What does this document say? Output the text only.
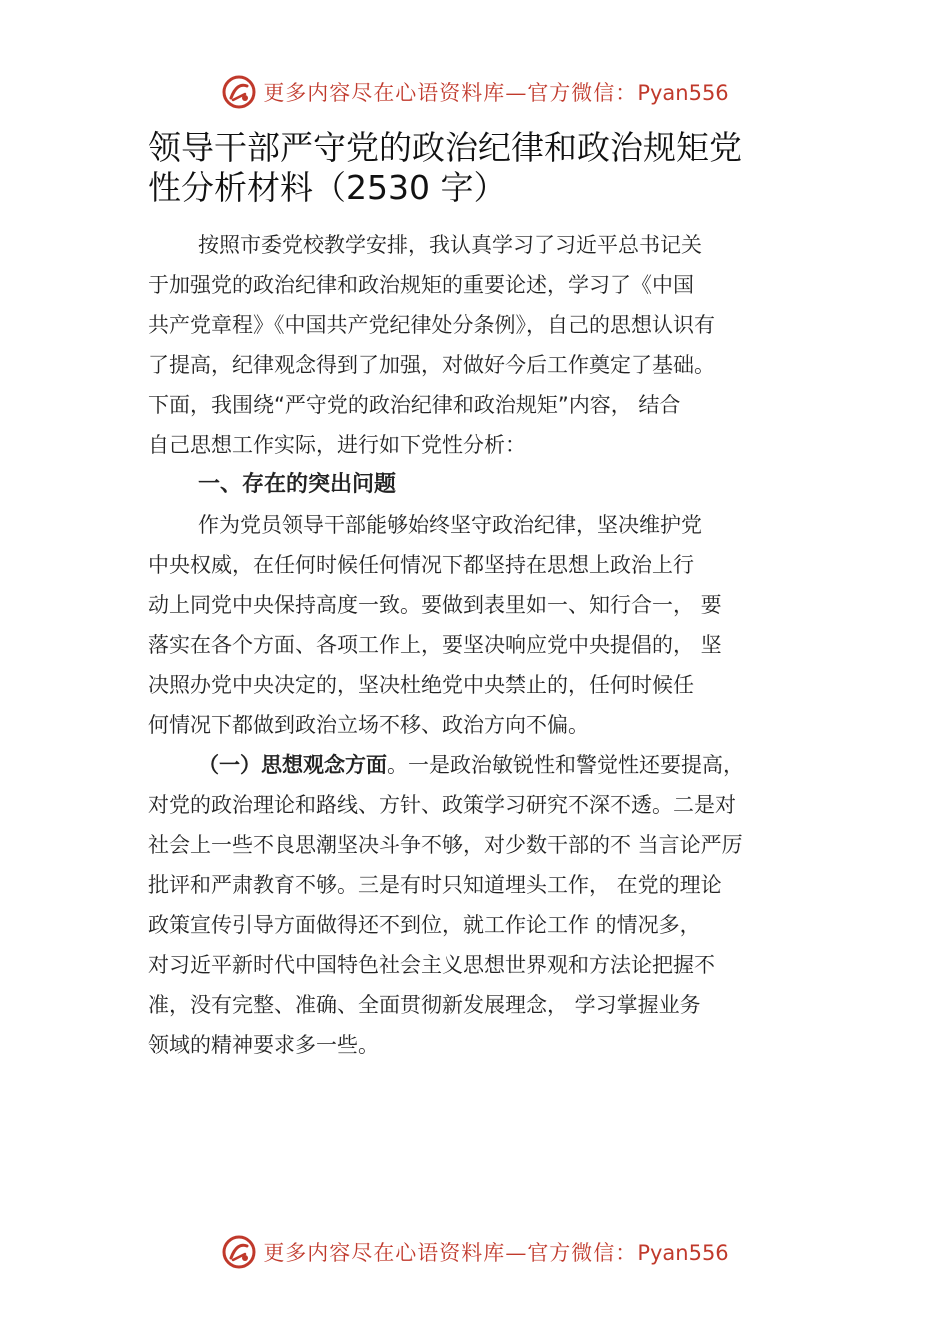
更多内容尽在心语资料库—官方微信：Pyan556
领导干部严守党的政治纪律和政治规矩党
性分析材料（2530 字）
按照市委党校教学安排，我认真学习了习近平总书记关
于加强党的政治纪律和政治规矩的重要论述，学习了《中国
共产党章程》《中国共产党纪律处分条例》，自己的思想认识有
了提高，纪律观念得到了加强，对做好今后工作奠定了基础。
下面，我围绕“严守党的政治纪律和政治规矩”内容， 结合
自己思想工作实际，进行如下党性分析：
一、存在的突出问题
作为党员领导干部能够始终坚守政治纪律，坚决维护党
中央权威，在任何时候任何情况下都坚持在思想上政治上行
动上同党中央保持高度一致。要做到表里如一、知行合一， 要
落实在各个方面、各项工作上，要坚决响应党中央提倡的， 坚
决照办党中央决定的，坚决杜绝党中央禁止的，任何时候任
何情况下都做到政治立场不移、政治方向不偏。
（一）思想观念方面。一是政治敏锐性和警觉性还要提高，
对党的政治理论和路线、方针、政策学习研究不深不透。二是对
社会上一些不良思潮坚决斗争不够，对少数干部的不 当言论严厉
批评和严肃教育不够。三是有时只知道埋头工作， 在党的理论
政策宣传引导方面做得还不到位，就工作论工作 的情况多，
对习近平新时代中国特色社会主义思想世界观和方法论把握不
准，没有完整、准确、全面贯彻新发展理念， 学习掌握业务
领域的精神要求多一些。
更多内容尽在心语资料库—官方微信：Pyan556
